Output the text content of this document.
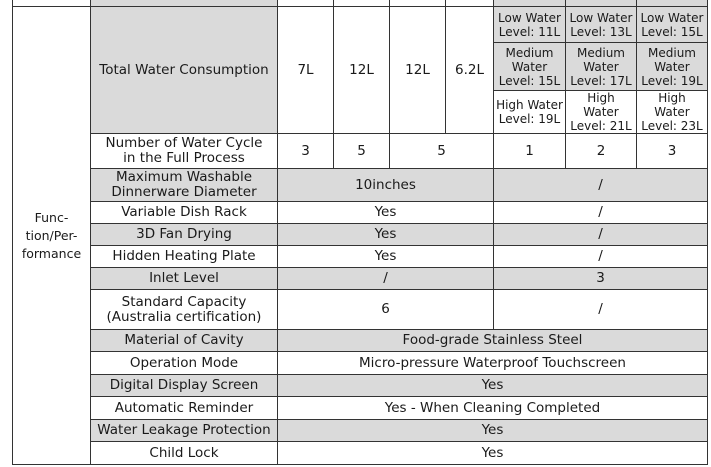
Func-
tion/Per-
formance	Total Water Consumption	7L	12L	12L	6.2L	Low Water Level: 11L	Low Water Level: 13L	Low Water Level: 15L
						Medium Water Level: 15L	Medium Water Level: 17L	Medium Water Level: 19L
						High Water Level: 19L	High Water Level: 21L	High Water Level: 23L
	Number of Water Cycle
in the Full Process	3	5	5		1	2	3
	Maximum Washable
Dinnerware Diameter	10inches				/		
	Variable Dish Rack	Yes				/		
	3D Fan Drying	Yes				/		
	Hidden Heating Plate	Yes				/		
	Inlet Level	/				3		
	Standard Capacity
(Australia certification)	6				/		
	Material of Cavity	Food-grade Stainless Steel						
	Operation Mode	Micro-pressure Waterproof Touchscreen						
	Digital Display Screen	Yes						
	Automatic Reminder	Yes - When Cleaning Completed						
	Water Leakage Protection	Yes						
	Child Lock	Yes						
